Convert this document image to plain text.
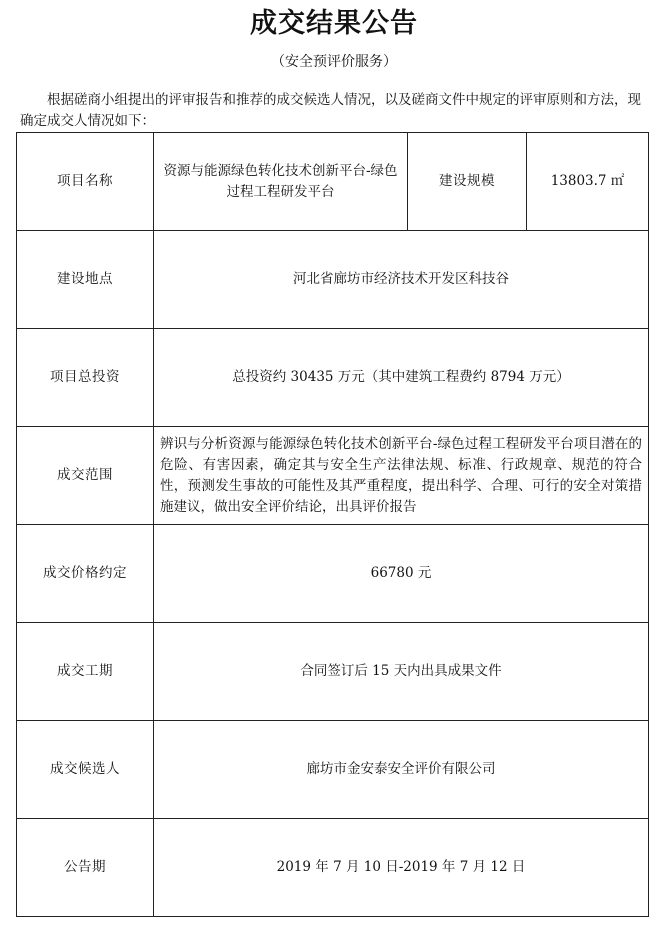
成交结果公告
（安全预评价服务）
根据磋商小组提出的评审报告和推荐的成交候选人情况，以及磋商文件中规定的评审原则和方法，现确定成交人情况如下：
项目名称	资源与能源绿色转化技术创新平台-绿色过程工程研发平台	建设规模	13803.7 ㎡
建设地点	河北省廊坊市经济技术开发区科技谷		
项目总投资	总投资约 30435 万元（其中建筑工程费约 8794 万元）		
成交范围	辨识与分析资源与能源绿色转化技术创新平台-绿色过程工程研发平台项目潜在的危险、有害因素，确定其与安全生产法律法规、标准、行政规章、规范的符合性，预测发生事故的可能性及其严重程度，提出科学、合理、可行的安全对策措施建议，做出安全评价结论，出具评价报告		
成交价格约定	66780 元		
成交工期	合同签订后 15 天内出具成果文件		
成交候选人	廊坊市金安泰安全评价有限公司		
公告期	2019 年 7 月 10 日-2019 年 7 月 12 日		
